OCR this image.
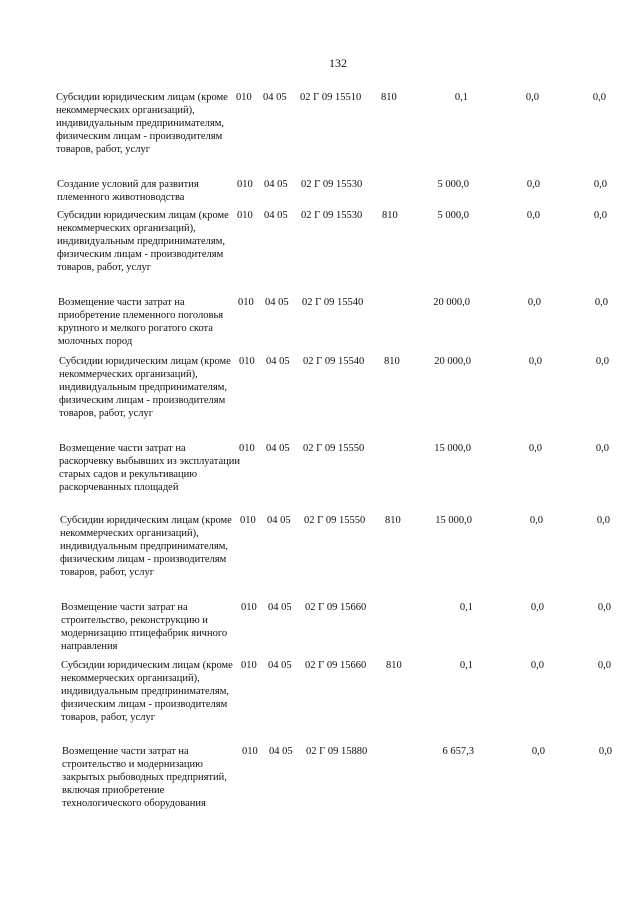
132
Субсидии юридическим лицам (кроме некоммерческих организаций), индивидуальным предпринимателям, физическим лицам - производителям товаров, работ, услуг
010 04 05 02 Г 09 15510 810	0,1	0,0	0,0
Создание условий для развития племенного животноводства
010 04 05 02 Г 09 15530	5 000,0	0,0	0,0
Субсидии юридическим лицам (кроме некоммерческих организаций), индивидуальным предпринимателям, физическим лицам - производителям товаров, работ, услуг
010 04 05 02 Г 09 15530 810	5 000,0	0,0	0,0
Возмещение части затрат на приобретение племенного поголовья крупного и мелкого рогатого скота молочных пород
010 04 05 02 Г 09 15540	20 000,0	0,0	0,0
Субсидии юридическим лицам (кроме некоммерческих организаций), индивидуальным предпринимателям, физическим лицам - производителям товаров, работ, услуг
010 04 05 02 Г 09 15540 810	20 000,0	0,0	0,0
Возмещение части затрат на раскорчевку выбывших из эксплуатации старых садов и рекультивацию раскорчеванных площадей
010 04 05 02 Г 09 15550	15 000,0	0,0	0,0
Субсидии юридическим лицам (кроме некоммерческих организаций), индивидуальным предпринимателям, физическим лицам - производителям товаров, работ, услуг
010 04 05 02 Г 09 15550 810	15 000,0	0,0	0,0
Возмещение части затрат на строительство, реконструкцию и модернизацию птицефабрик яичного направления
010 04 05 02 Г 09 15660	0,1	0,0	0,0
Субсидии юридическим лицам (кроме некоммерческих организаций), индивидуальным предпринимателям, физическим лицам - производителям товаров, работ, услуг
010 04 05 02 Г 09 15660 810	0,1	0,0	0,0
Возмещение части затрат на строительство и модернизацию закрытых рыбоводных предприятий, включая приобретение технологического оборудования
010 04 05 02 Г 09 15880	6 657,3	0,0	0,0
